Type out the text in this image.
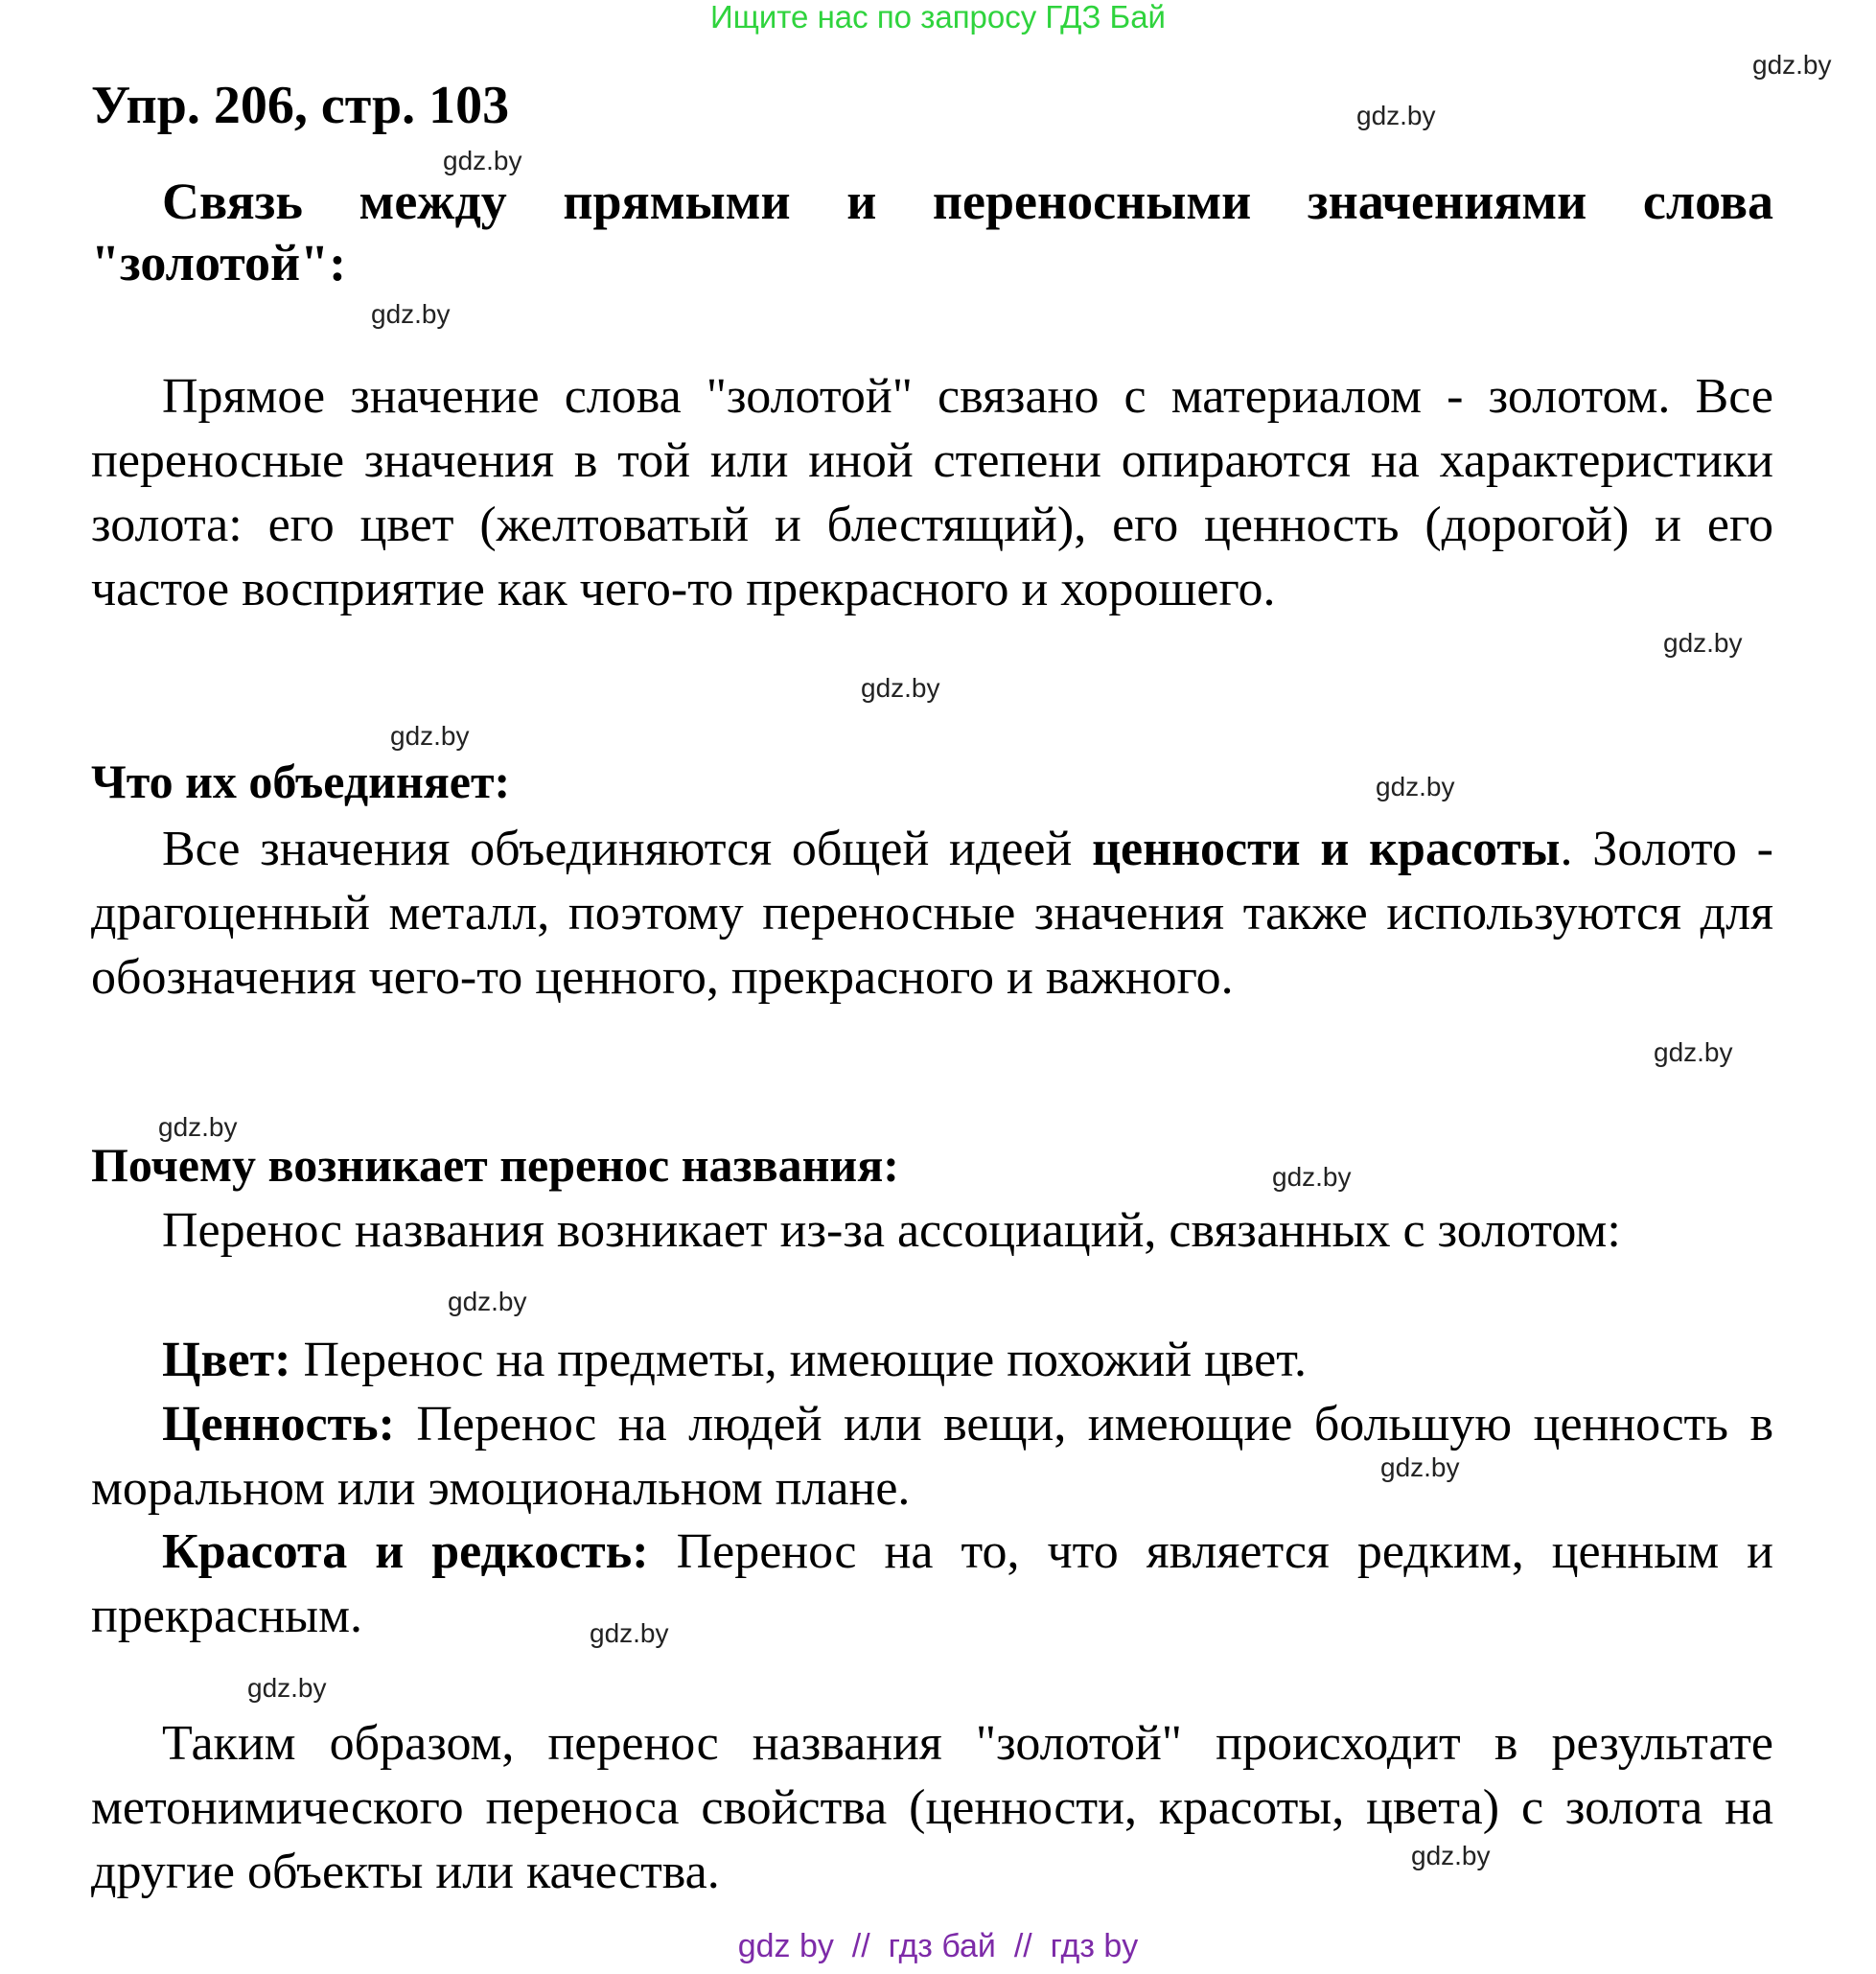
Ищите нас по запросу ГДЗ Бай
Упр. 206, стр. 103
Связь между прямыми и переносными значениями слова "золотой":
Прямое значение слова "золотой" связано с материалом - золотом. Все переносные значения в той или иной степени опираются на характеристики золота: его цвет (желтоватый и блестящий), его ценность (дорогой) и его частое восприятие как чего-то прекрасного и хорошего.
Что их объединяет:
Все значения объединяются общей идеей ценности и красоты. Золото - драгоценный металл, поэтому переносные значения также используются для обозначения чего-то ценного, прекрасного и важного.
Почему возникает перенос названия:
Перенос названия возникает из-за ассоциаций, связанных с золотом:
Цвет: Перенос на предметы, имеющие похожий цвет.
Ценность: Перенос на людей или вещи, имеющие большую ценность в моральном или эмоциональном плане.
Красота и редкость: Перенос на то, что является редким, ценным и прекрасным.
Таким образом, перенос названия "золотой" происходит в результате метонимического переноса свойства (ценности, красоты, цвета) с золота на другие объекты или качества.
gdz.by
gdz.by
gdz.by
gdz.by
gdz.by
gdz.by
gdz.by
gdz.by
gdz.by
gdz.by
gdz.by
gdz.by
gdz.by
gdz.by
gdz.by
gdz.by
gdz by  //  гдз бай  //  гдз by
